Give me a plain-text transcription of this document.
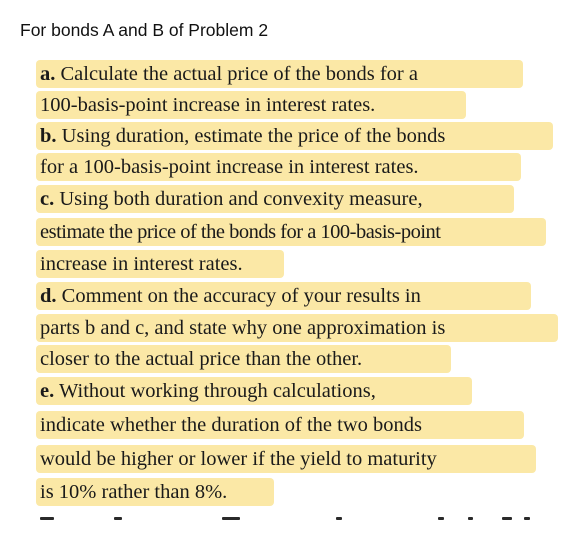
For bonds A and B of Problem 2
a. Calculate the actual price of the bonds for a
100-basis-point increase in interest rates.
b. Using duration, estimate the price of the bonds
for a 100-basis-point increase in interest rates.
c. Using both duration and convexity measure,
estimate the price of the bonds for a 100-basis-point
increase in interest rates.
d. Comment on the accuracy of your results in
parts b and c, and state why one approximation is
closer to the actual price than the other.
e. Without working through calculations,
indicate whether the duration of the two bonds
would be higher or lower if the yield to maturity
is 10% rather than 8%.
